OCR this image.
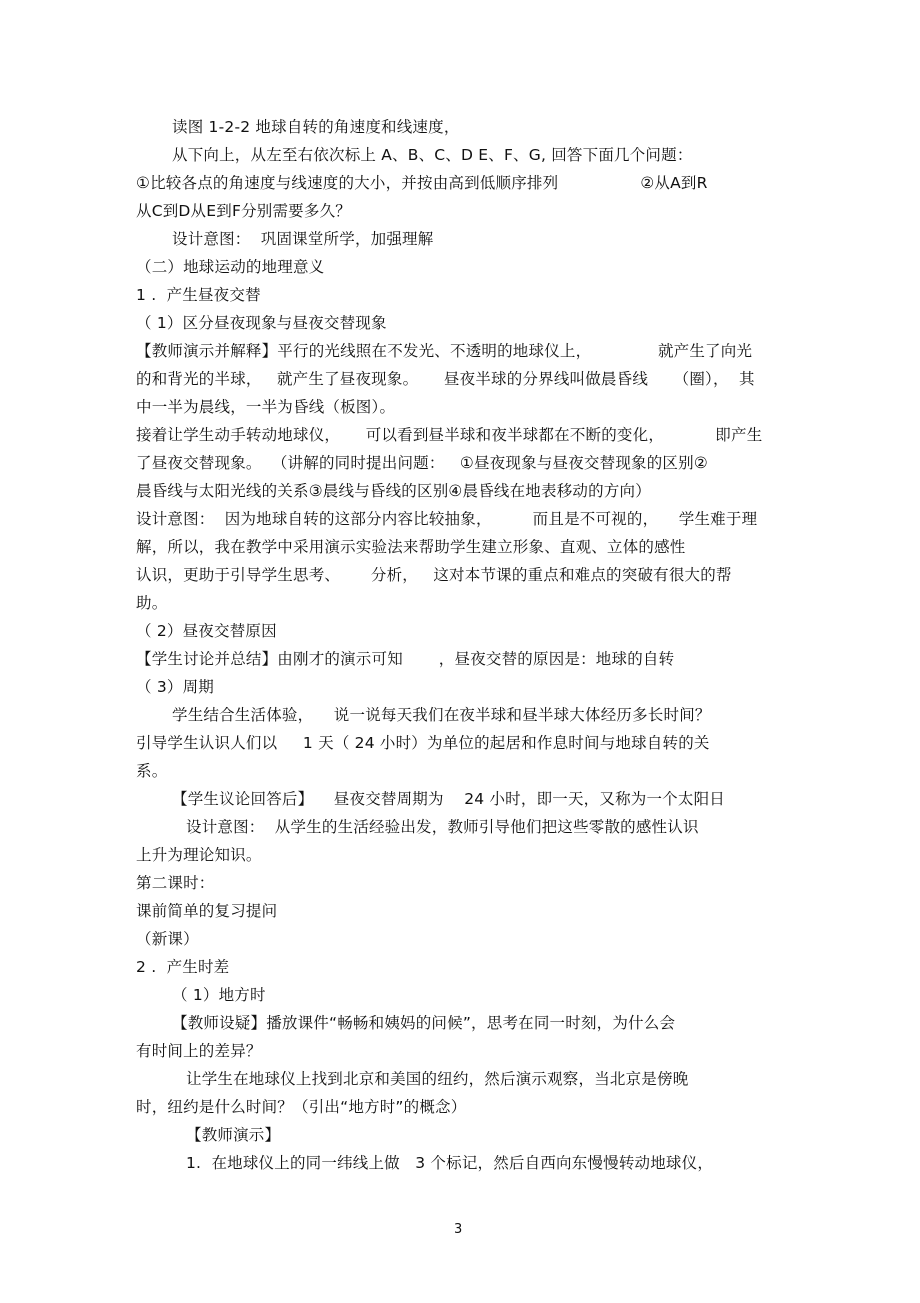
读图 1-2-2 地球自转的角速度和线速度，
从下向上，从左至右依次标上 A、B、C、D E、F、G, 回答下面几个问题：
①比较各点的角速度与线速度的大小，并按由高到低顺序排列                ②从A到R
从C到D从E到F分别需要多久？
设计意图：  巩固课堂所学，加强理解
（二）地球运动的地理意义
1 .  产生昼夜交替
（ 1）区分昼夜现象与昼夜交替现象
【教师演示并解释】平行的光线照在不发光、不透明的地球仪上，             就产生了向光
的和背光的半球，   就产生了昼夜现象。     昼夜半球的分界线叫做晨昏线     （圈），  其
中一半为晨线，一半为昏线（板图）。
接着让学生动手转动地球仪，     可以看到昼半球和夜半球都在不断的变化，          即产生
了昼夜交替现象。  （讲解的同时提出问题：   ①昼夜现象与昼夜交替现象的区别②
晨昏线与太阳光线的关系③晨线与昏线的区别④晨昏线在地表移动的方向）
设计意图：  因为地球自转的这部分内容比较抽象，        而且是不可视的，    学生难于理
解，所以，我在教学中采用演示实验法来帮助学生建立形象、直观、立体的感性
认识，更助于引导学生思考、      分析，   这对本节课的重点和难点的突破有很大的帮
助。
（ 2）昼夜交替原因
【学生讨论并总结】由刚才的演示可知       ，昼夜交替的原因是：地球的自转
（ 3）周期
学生结合生活体验，    说一说每天我们在夜半球和昼半球大体经历多长时间？
引导学生认识人们以     1 天（ 24 小时）为单位的起居和作息时间与地球自转的关
系。
【学生议论回答后】    昼夜交替周期为    24 小时，即一天，又称为一个太阳日
设计意图：  从学生的生活经验出发，教师引导他们把这些零散的感性认识
上升为理论知识。
第二课时：
课前简单的复习提问
（新课）
2 .  产生时差
（ 1）地方时
【教师设疑】播放课件“畅畅和姨妈的问候”，思考在同一时刻，为什么会
有时间上的差异？
让学生在地球仪上找到北京和美国的纽约，然后演示观察，当北京是傍晚
时，纽约是什么时间？（引出“地方时”的概念）
【教师演示】
1.  在地球仪上的同一纬线上做   3 个标记，然后自西向东慢慢转动地球仪，
3
